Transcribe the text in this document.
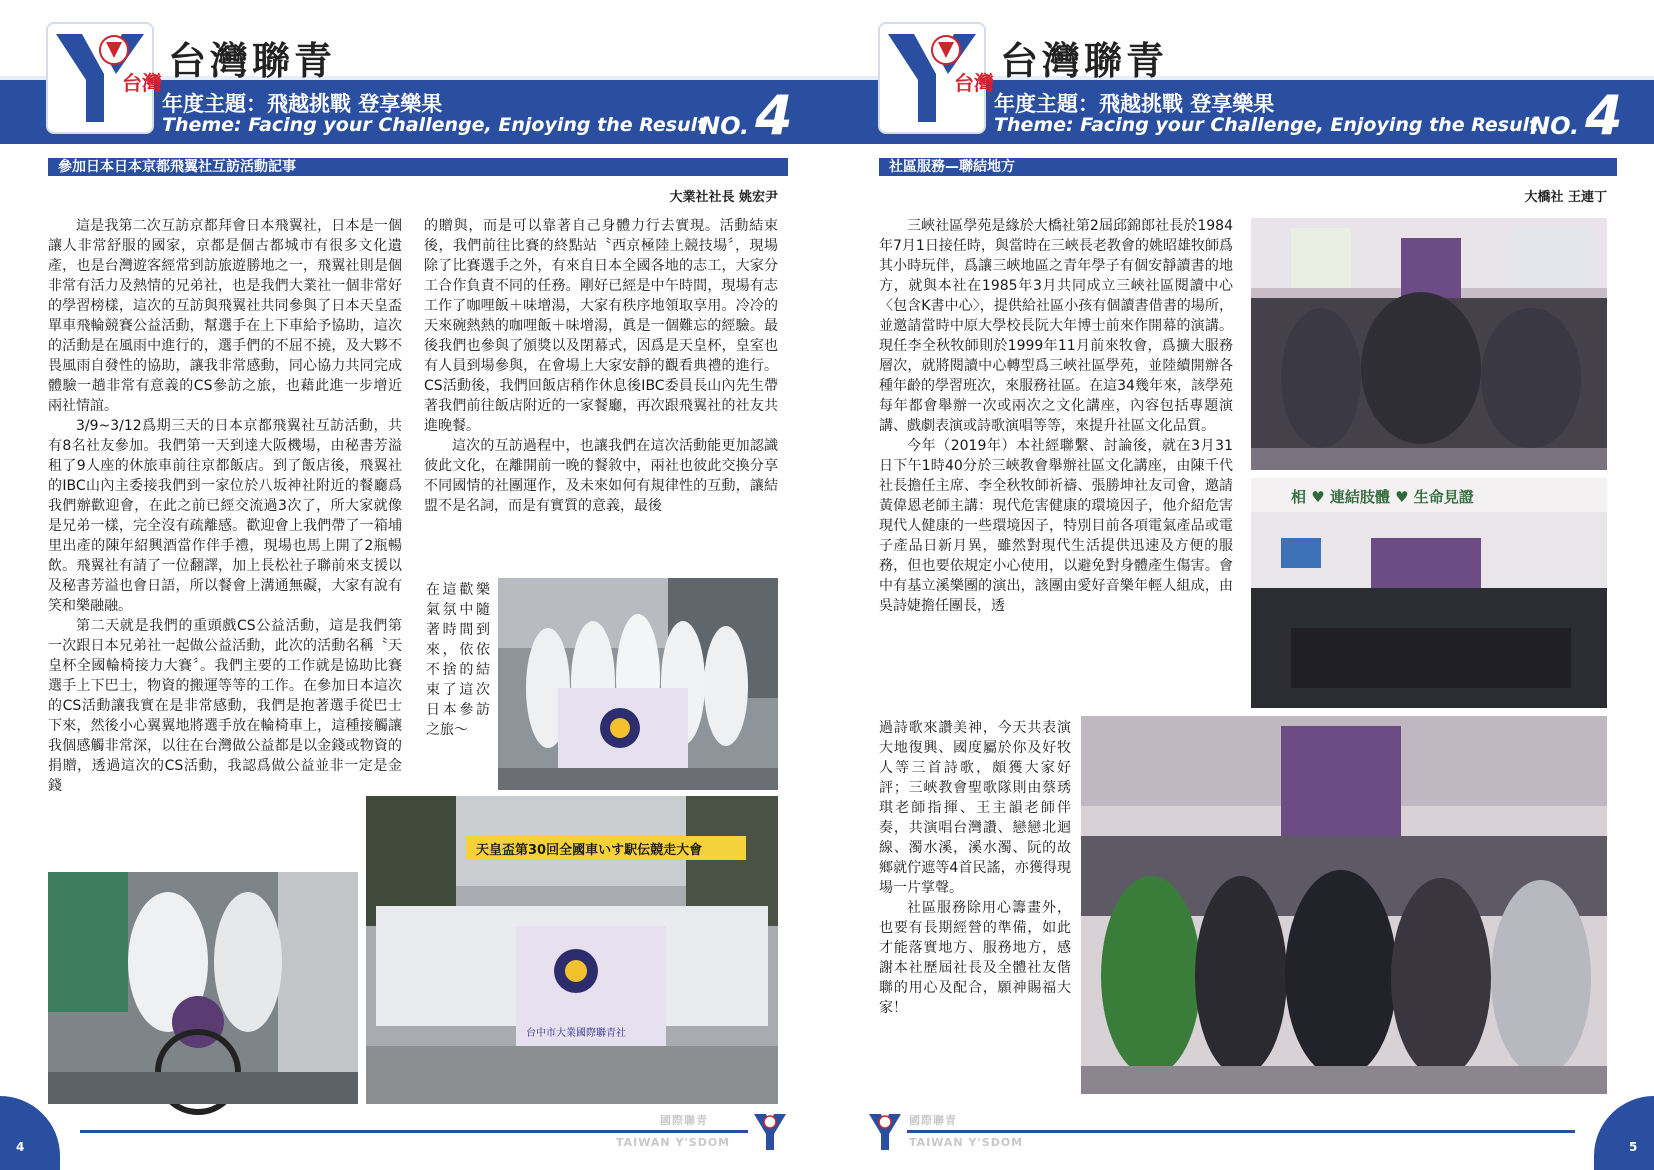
台灣 台灣聯青
年度主題：飛越挑戰 登享樂果
Theme: Facing your Challenge, Enjoying the Result
NO. 4
參加日本日本京都飛翼社互訪活動記事
大業社社長 姚宏尹

這是我第二次互訪京都拜會日本飛翼社，日本是一個讓人非常舒服的國家，京都是個古都城市有很多文化遺產，也是台灣遊客經常到訪旅遊勝地之一，飛翼社則是個非常有活力及熱情的兄弟社，也是我們大業社一個非常好的學習榜樣，這次的互訪與飛翼社共同參與了日本天皇盃單車飛輪競賽公益活動，幫選手在上下車給予協助，這次的活動是在風雨中進行的，選手們的不屈不撓，及大夥不畏風雨自發性的協助，讓我非常感動，同心協力共同完成體驗一趟非常有意義的CS參訪之旅，也藉此進一步增近兩社情誼。

3/9~3/12爲期三天的日本京都飛翼社互訪活動，共有8名社友參加。我們第一天到達大阪機場，由秘書芳溢租了9人座的休旅車前往京都飯店。到了飯店後，飛翼社的IBC山內主委接我們到一家位於八坂神社附近的餐廳爲我們辦歡迎會，在此之前已經交流過3次了，所大家就像是兄弟一樣，完全沒有疏離感。歡迎會上我們帶了一箱埔里出產的陳年紹興酒當作伴手禮，現場也馬上開了2瓶暢飲。飛翼社有請了一位翻譯，加上長松社子聯前來支援以及秘書芳溢也會日語，所以餐會上溝通無礙，大家有說有笑和樂融融。

第二天就是我們的重頭戲CS公益活動，這是我們第一次跟日本兄弟社一起做公益活動，此次的活動名稱〝天皇杯全國輪椅接力大賽〞。我們主要的工作就是協助比賽選手上下巴士，物資的搬運等等的工作。在參加日本這次的CS活動讓我實在是非常感動，我們是抱著選手從巴士下來，然後小心翼翼地將選手放在輪椅車上，這種接觸讓我個感觸非常深，以往在台灣做公益都是以金錢或物資的捐贈，透過這次的CS活動，我認爲做公益並非一定是金錢

的贈與，而是可以靠著自己身體力行去實現。活動結束後，我們前往比賽的終點站〝西京極陸上競技場〞，現場除了比賽選手之外，有來自日本全國各地的志工，大家分工合作負責不同的任務。剛好已經是中午時間，現場有志工作了咖哩飯＋味增湯，大家有秩序地領取享用。冷冷的天來碗熱熱的咖哩飯＋味增湯，眞是一個難忘的經驗。最後我們也參與了頒獎以及閉幕式，因爲是天皇杯，皇室也有人員到場參與，在會場上大家安靜的觀看典禮的進行。CS活動後，我們回飯店稍作休息後IBC委員長山內先生帶著我們前往飯店附近的一家餐廳，再次跟飛翼社的社友共進晚餐。

這次的互訪過程中，也讓我們在這次活動能更加認識彼此文化，在離開前一晚的餐敘中，兩社也彼此交換分享不同國情的社團運作，及未來如何有規律性的互動，讓結盟不是名詞，而是有實質的意義，最後

在這歡樂氣氛中隨著時間到來，依依不捨的結束了這次日本參訪之旅～
天皇盃第30回全國車いす駅伝競走大會
台中市大業國際聯青社
國際聯青
TAIWAN Y'SDOM
4
台灣 台灣聯青
年度主題：飛越挑戰 登享樂果
Theme: Facing your Challenge, Enjoying the Result
NO. 4
社區服務—聯結地方
大橋社 王連丁

三峽社區學苑是緣於大橋社第2屆邱錦郎社長於1984年7月1日接任時，與當時在三峽長老教會的姚昭雄牧師爲其小時玩伴，爲讓三峽地區之青年學子有個安靜讀書的地方，就與本社在1985年3月共同成立三峽社區閱讀中心〈包含K書中心〉，提供給社區小孩有個讀書借書的場所，並邀請當時中原大學校長阮大年博士前來作開幕的演講。現任李全秋牧師則於1999年11月前來牧會，爲擴大服務層次，就將閱讀中心轉型爲三峽社區學苑，並陸續開辦各種年齡的學習班次，來服務社區。在這34幾年來，該學苑每年都會舉辦一次或兩次之文化講座，內容包括專題演講、戲劇表演或詩歌演唱等等，來提升社區文化品質。

今年（2019年）本社經聯繫、討論後，就在3月31日下午1時40分於三峽教會舉辦社區文化講座，由陳千代社長擔任主席、李全秋牧師祈禱、張勝坤社友司會，邀請黃偉恩老師主講：現代危害健康的環境因子，他介紹危害現代人健康的一些環境因子，特別目前各項電氣產品或電子產品日新月異，雖然對現代生活提供迅速及方便的服務，但也要依規定小心使用，以避免對身體產生傷害。會中有基立溪樂團的演出，該團由愛好音樂年輕人組成，由吳詩婕擔任團長，透

過詩歌來讚美神，今天共表演大地復興、國度屬於你及好牧人等三首詩歌，頗獲大家好評；三峽教會聖歌隊則由蔡琇琪老師指揮、王主韻老師伴奏，共演唱台灣讚、戀戀北迴線、濁水溪，溪水濁、阮的故鄉就佇遮等4首民謠，亦獲得現場一片掌聲。

社區服務除用心籌畫外，也要有長期經營的準備，如此才能落實地方、服務地方，感謝本社歷屆社長及全體社友偕聯的用心及配合，願神賜福大家！

相 ♥ 連結肢體 ♥ 生命見證
國際聯青
TAIWAN Y'SDOM	5
